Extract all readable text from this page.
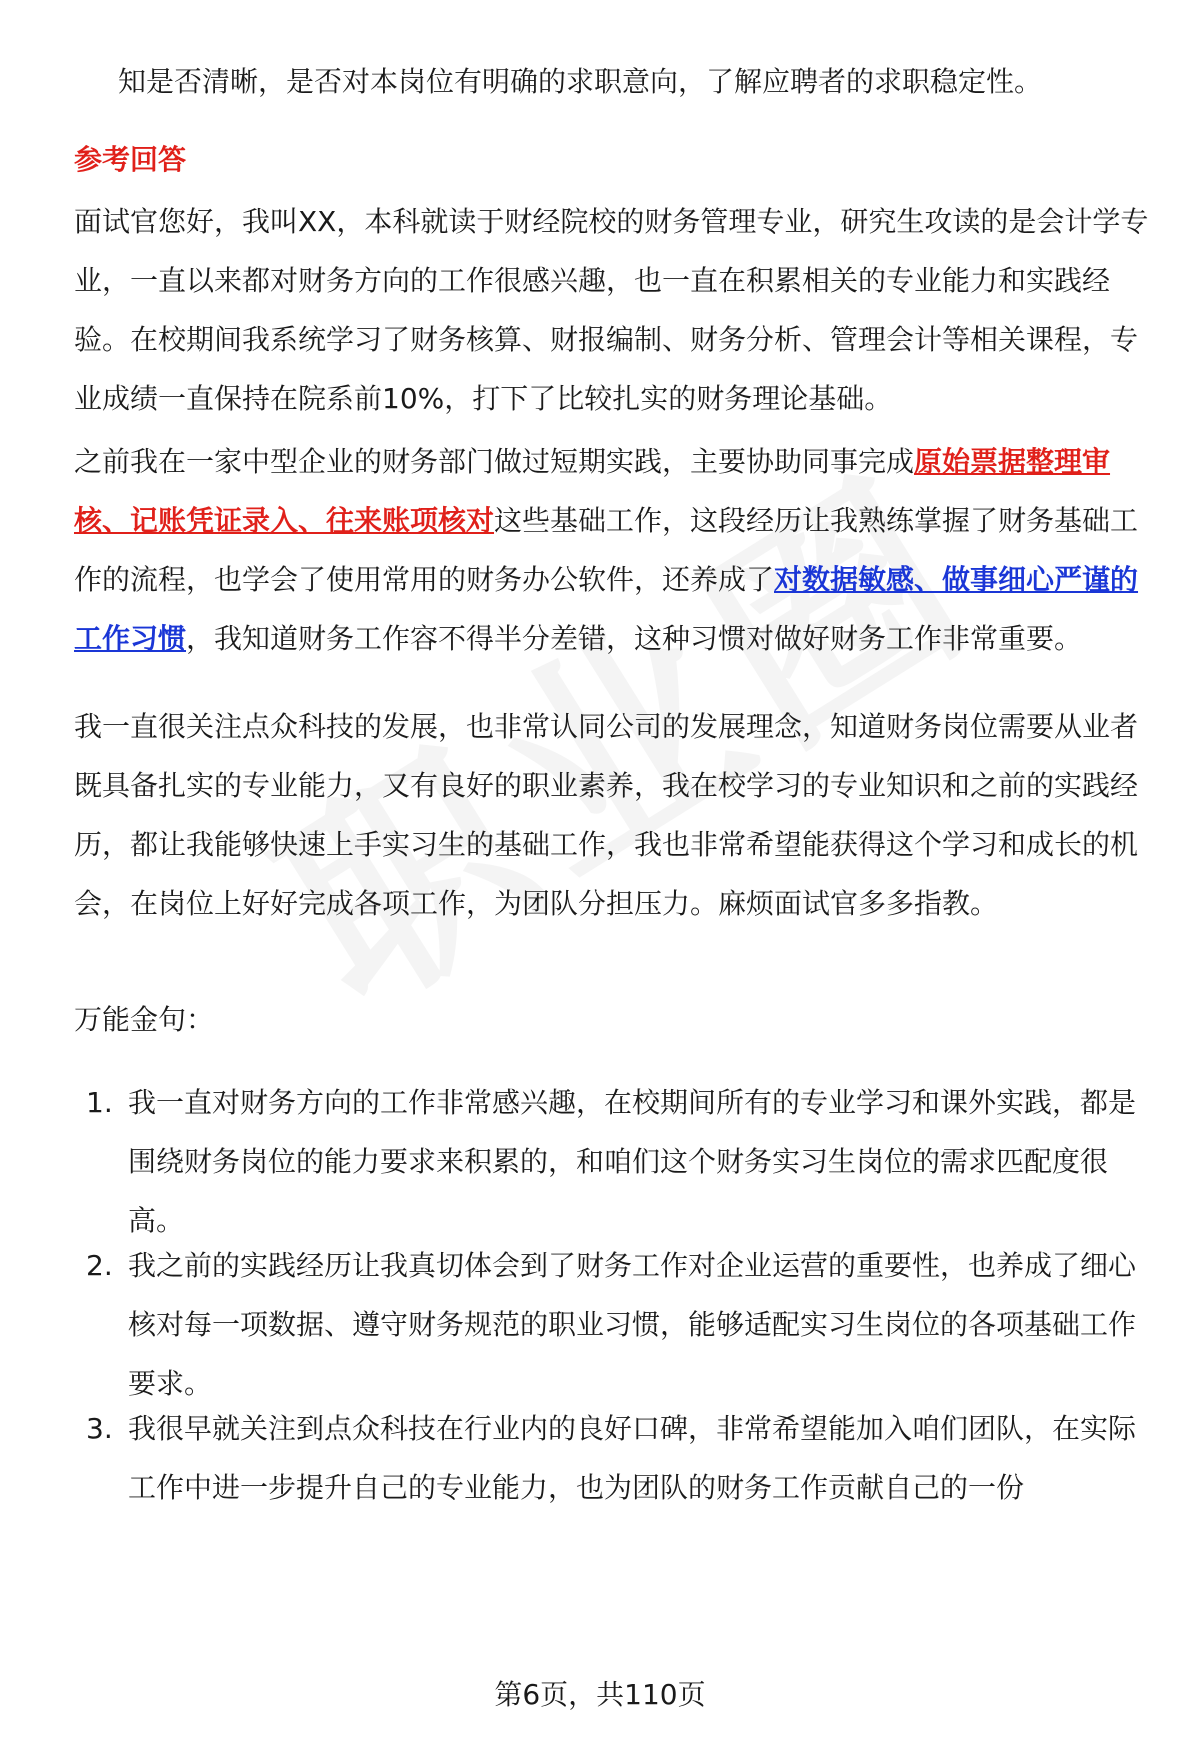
知是否清晰，是否对本岗位有明确的求职意向，了解应聘者的求职稳定性。

参考回答

面试官您好，我叫XX，本科就读于财经院校的财务管理专业，研究生攻读的是会计学专业，一直以来都对财务方向的工作很感兴趣，也一直在积累相关的专业能力和实践经验。在校期间我系统学习了财务核算、财报编制、财务分析、管理会计等相关课程，专业成绩一直保持在院系前10%，打下了比较扎实的财务理论基础。

之前我在一家中型企业的财务部门做过短期实践，主要协助同事完成原始票据整理审核、记账凭证录入、往来账项核对这些基础工作，这段经历让我熟练掌握了财务基础工作的流程，也学会了使用常用的财务办公软件，还养成了对数据敏感、做事细心严谨的工作习惯，我知道财务工作容不得半分差错，这种习惯对做好财务工作非常重要。

我一直很关注点众科技的发展，也非常认同公司的发展理念，知道财务岗位需要从业者既具备扎实的专业能力，又有良好的职业素养，我在校学习的专业知识和之前的实践经历，都让我能够快速上手实习生的基础工作，我也非常希望能获得这个学习和成长的机会，在岗位上好好完成各项工作，为团队分担压力。麻烦面试官多多指教。

万能金句：

1. 我一直对财务方向的工作非常感兴趣，在校期间所有的专业学习和课外实践，都是围绕财务岗位的能力要求来积累的，和咱们这个财务实习生岗位的需求匹配度很高。
2. 我之前的实践经历让我真切体会到了财务工作对企业运营的重要性，也养成了细心核对每一项数据、遵守财务规范的职业习惯，能够适配实习生岗位的各项基础工作要求。
3. 我很早就关注到点众科技在行业内的良好口碑，非常希望能加入咱们团队，在实际工作中进一步提升自己的专业能力，也为团队的财务工作贡献自己的一份
第6页，共110页
